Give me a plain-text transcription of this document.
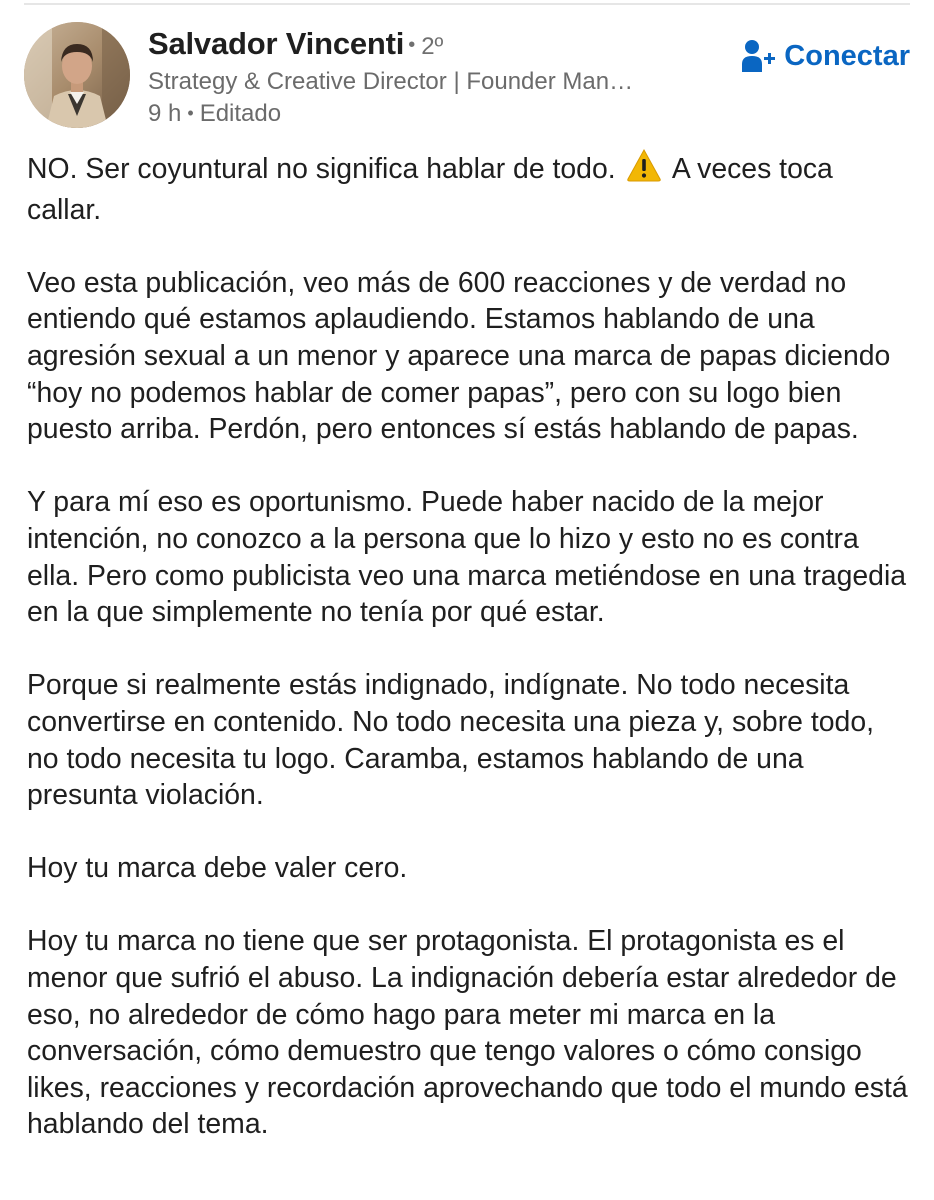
Salvador Vincenti • 2º
Strategy & Creative Director | Founder Man…
9 h • Editado
Conectar

NO. Ser coyuntural no significa hablar de todo. A veces toca callar.

Veo esta publicación, veo más de 600 reacciones y de verdad no entiendo qué estamos aplaudiendo. Estamos hablando de una agresión sexual a un menor y aparece una marca de papas diciendo “hoy no podemos hablar de comer papas”, pero con su logo bien puesto arriba. Perdón, pero entonces sí estás hablando de papas.

Y para mí eso es oportunismo. Puede haber nacido de la mejor intención, no conozco a la persona que lo hizo y esto no es contra ella. Pero como publicista veo una marca metiéndose en una tragedia en la que simplemente no tenía por qué estar.

Porque si realmente estás indignado, indígnate. No todo necesita convertirse en contenido. No todo necesita una pieza y, sobre todo, no todo necesita tu logo. Caramba, estamos hablando de una presunta violación.

Hoy tu marca debe valer cero.

Hoy tu marca no tiene que ser protagonista. El protagonista es el menor que sufrió el abuso. La indignación debería estar alrededor de eso, no alrededor de cómo hago para meter mi marca en la conversación, cómo demuestro que tengo valores o cómo consigo likes, reacciones y recordación aprovechando que todo el mundo está hablando del tema.
